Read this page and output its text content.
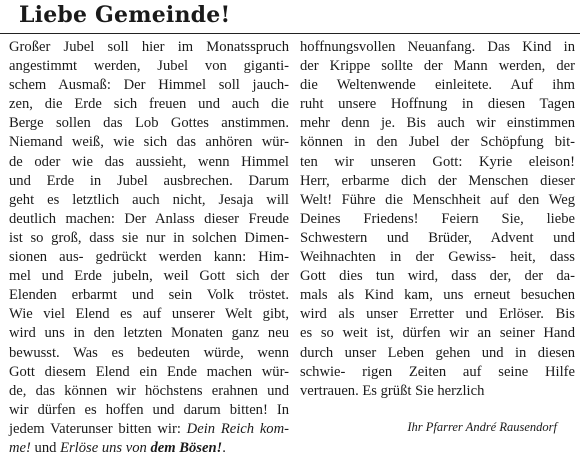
Liebe Gemeinde!
Großer Jubel soll hier im Monatsspruch
angestimmt werden, Jubel von giganti-
schem Ausmaß: Der Himmel soll jauch-
zen, die Erde sich freuen und auch die
Berge sollen das Lob Gottes anstimmen.
Niemand weiß, wie sich das anhören wür-
de oder wie das aussieht, wenn Himmel
und Erde in Jubel ausbrechen. Darum
geht es letztlich auch nicht, Jesaja will
deutlich machen: Der Anlass dieser Freude
ist so groß, dass sie nur in solchen Dimen-
sionen aus- gedrückt werden kann: Him-
mel und Erde jubeln, weil Gott sich der
Elenden erbarmt und sein Volk tröstet.
Wie viel Elend es auf unserer Welt gibt,
wird uns in den letzten Monaten ganz neu
bewusst. Was es bedeuten würde, wenn
Gott diesem Elend ein Ende machen wür-
de, das können wir höchstens erahnen und
wir dürfen es hoffen und darum bitten! In
jedem Vaterunser bitten wir: Dein Reich kom-
me! und Erlöse uns von dem Bösen!.
hoffnungsvollen Neuanfang. Das Kind in
der Krippe sollte der Mann werden, der
die Weltenwende einleitete. Auf ihm
ruht unsere Hoffnung in diesen Tagen
mehr denn je. Bis auch wir einstimmen
können in den Jubel der Schöpfung bit-
ten wir unseren Gott: Kyrie eleison!
Herr, erbarme dich der Menschen dieser
Welt! Führe die Menschheit auf den Weg
Deines Friedens! Feiern Sie, liebe
Schwestern und Brüder, Advent und
Weihnachten in der Gewiss- heit, dass
Gott dies tun wird, dass der, der da-
mals als Kind kam, uns erneut besuchen
wird als unser Erretter und Erlöser. Bis
es so weit ist, dürfen wir an seiner Hand
durch unser Leben gehen und in diesen
schwie- rigen Zeiten auf seine Hilfe
vertrauen. Es grüßt Sie herzlich
Ihr Pfarrer André Rausendorf
